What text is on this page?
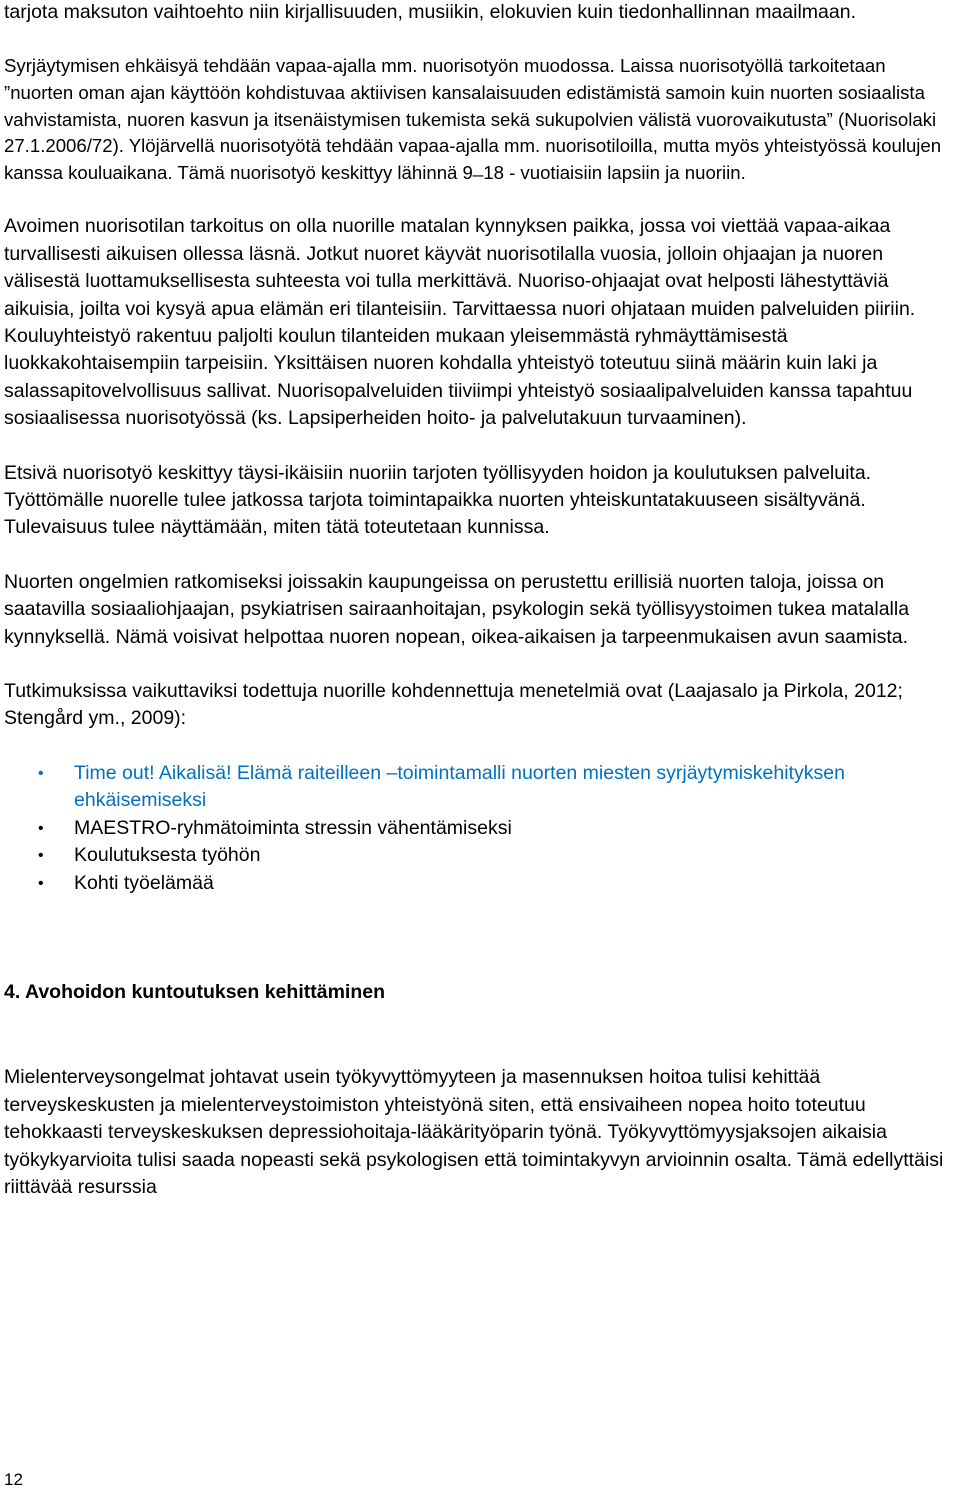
tarjota maksuton vaihtoehto niin kirjallisuuden, musiikin, elokuvien kuin tiedonhallinnan maailmaan.

Syrjäytymisen ehkäisyä tehdään vapaa-ajalla mm. nuorisotyön muodossa. Laissa nuorisotyöllä tarkoitetaan ”nuorten oman ajan käyttöön kohdistuvaa aktiivisen kansalaisuuden edistämistä samoin kuin nuorten sosiaalista vahvistamista, nuoren kasvun ja itsenäistymisen tukemista sekä sukupolvien välistä vuorovaikutusta” (Nuorisolaki 27.1.2006/72). Ylöjärvellä nuorisotyötä tehdään vapaa-ajalla mm. nuorisotiloilla, mutta myös yhteistyössä koulujen kanssa kouluaikana. Tämä nuorisotyö keskittyy lähinnä 9 ̶ 18 - vuotiaisiin lapsiin ja nuoriin.

Avoimen nuorisotilan tarkoitus on olla nuorille matalan kynnyksen paikka, jossa voi viettää vapaa-aikaa turvallisesti aikuisen ollessa läsnä. Jotkut nuoret käyvät nuorisotilalla vuosia, jolloin ohjaajan ja nuoren välisestä luottamuksellisesta suhteesta voi tulla merkittävä. Nuoriso-ohjaajat ovat helposti lähestyttäviä aikuisia, joilta voi kysyä apua elämän eri tilanteisiin. Tarvittaessa nuori ohjataan muiden palveluiden piiriin. Kouluyhteistyö rakentuu paljolti koulun tilanteiden mukaan yleisemmästä ryhmäyttämisestä luokkakohtaisempiin tarpeisiin. Yksittäisen nuoren kohdalla yhteistyö toteutuu siinä määrin kuin laki ja salassapitovelvollisuus sallivat. Nuorisopalveluiden tiiviimpi yhteistyö sosiaalipalveluiden kanssa tapahtuu sosiaalisessa nuorisotyössä (ks. Lapsiperheiden hoito- ja palvelutakuun turvaaminen).

Etsivä nuorisotyö keskittyy täysi-ikäisiin nuoriin tarjoten työllisyyden hoidon ja koulutuksen palveluita. Työttömälle nuorelle tulee jatkossa tarjota toimintapaikka nuorten yhteiskuntatakuuseen sisältyvänä. Tulevaisuus tulee näyttämään, miten tätä toteutetaan kunnissa.

Nuorten ongelmien ratkomiseksi joissakin kaupungeissa on perustettu erillisiä nuorten taloja, joissa on saatavilla sosiaaliohjaajan, psykiatrisen sairaanhoitajan, psykologin sekä työllisyystoimen tukea matalalla kynnyksellä. Nämä voisivat helpottaa nuoren nopean, oikea-aikaisen ja tarpeenmukaisen avun saamista.

Tutkimuksissa vaikuttaviksi todettuja nuorille kohdennettuja menetelmiä ovat (Laajasalo ja Pirkola, 2012; Stengård ym., 2009):

• Time out! Aikalisä! Elämä raiteilleen –toimintamalli nuorten miesten syrjäytymiskehityksen ehkäisemiseksi
• MAESTRO-ryhmätoiminta stressin vähentämiseksi
• Koulutuksesta työhön
• Kohti työelämää
4. Avohoidon kuntoutuksen kehittäminen

Mielenterveysongelmat johtavat usein työkyvyttömyyteen ja masennuksen hoitoa tulisi kehittää terveyskeskusten ja mielenterveystoimiston yhteistyönä siten, että ensivaiheen nopea hoito toteutuu tehokkaasti terveyskeskuksen depressiohoitaja-lääkärityöparin työnä. Työkyvyttömyysjaksojen aikaisia työkykyarvioita tulisi saada nopeasti sekä psykologisen että toimintakyvyn arvioinnin osalta. Tämä edellyttäisi riittävää resurssia

12
